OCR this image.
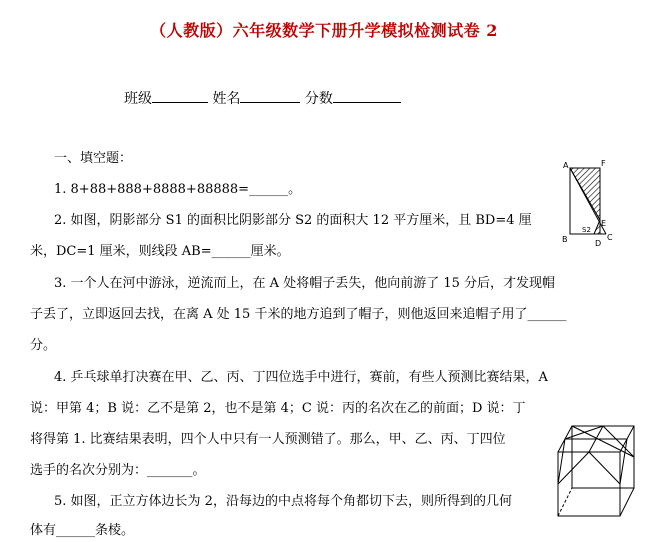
（人教版）六年级数学下册升学模拟检测试卷 2
班级	姓名	分数
一、填空题：
1. 8+88+888+8888+88888=______。
2. 如图，阴影部分 S1 的面积比阴影部分 S2 的面积大 12 平方厘米，且 BD=4 厘
米，DC=1 厘米，则线段 AB=______厘米。
3. 一个人在河中游泳，逆流而上，在 A 处将帽子丢失，他向前游了 15 分后，才发现帽
子丢了，立即返回去找，在离 A 处 15 千米的地方追到了帽子，则他返回来追帽子用了______
分。
4. 乒乓球单打决赛在甲、乙、丙、丁四位选手中进行，赛前，有些人预测比赛结果，A
说：甲第 4；B 说：乙不是第 2，也不是第 4；C 说：丙的名次在乙的前面；D 说：丁
将得第 1. 比赛结果表明，四个人中只有一人预测错了。那么，甲、乙、丙、丁四位
选手的名次分别为：_______。
5. 如图，正立方体边长为 2，沿每边的中点将每个角都切下去，则所得到的几何
体有______条棱。
A	F
E
B
S2
D
C
